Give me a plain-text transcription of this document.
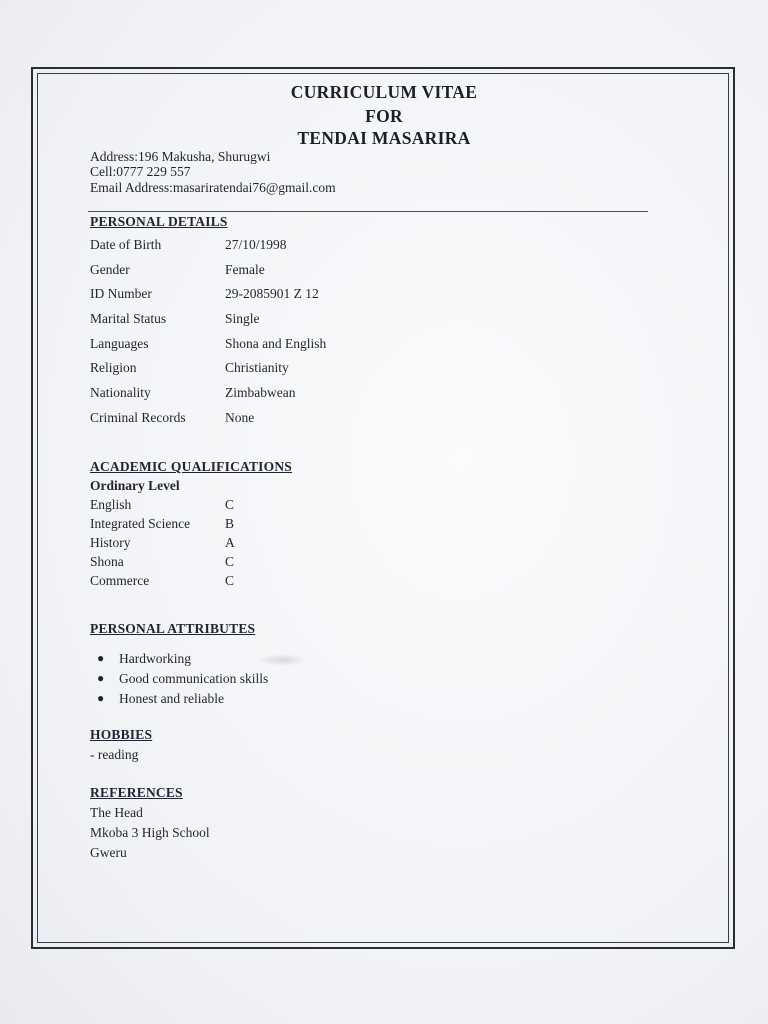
CURRICULUM VITAE
FOR
TENDAI MASARIRA
Address:196 Makusha, Shurugwi
Cell:0777 229 557
Email Address:masariratendai76@gmail.com
PERSONAL DETAILS
Date of Birth	27/10/1998
Gender	Female
ID Number	29-2085901 Z 12
Marital Status	Single
Languages	Shona and English
Religion	Christianity
Nationality	Zimbabwean
Criminal Records	None
ACADEMIC QUALIFICATIONS
Ordinary Level
English	C
Integrated Science	B
History	A
Shona	C
Commerce	C
PERSONAL ATTRIBUTES
● Hardworking
● Good communication skills
● Honest and reliable
HOBBIES
- reading
REFERENCES
The Head
Mkoba 3 High School
Gweru
